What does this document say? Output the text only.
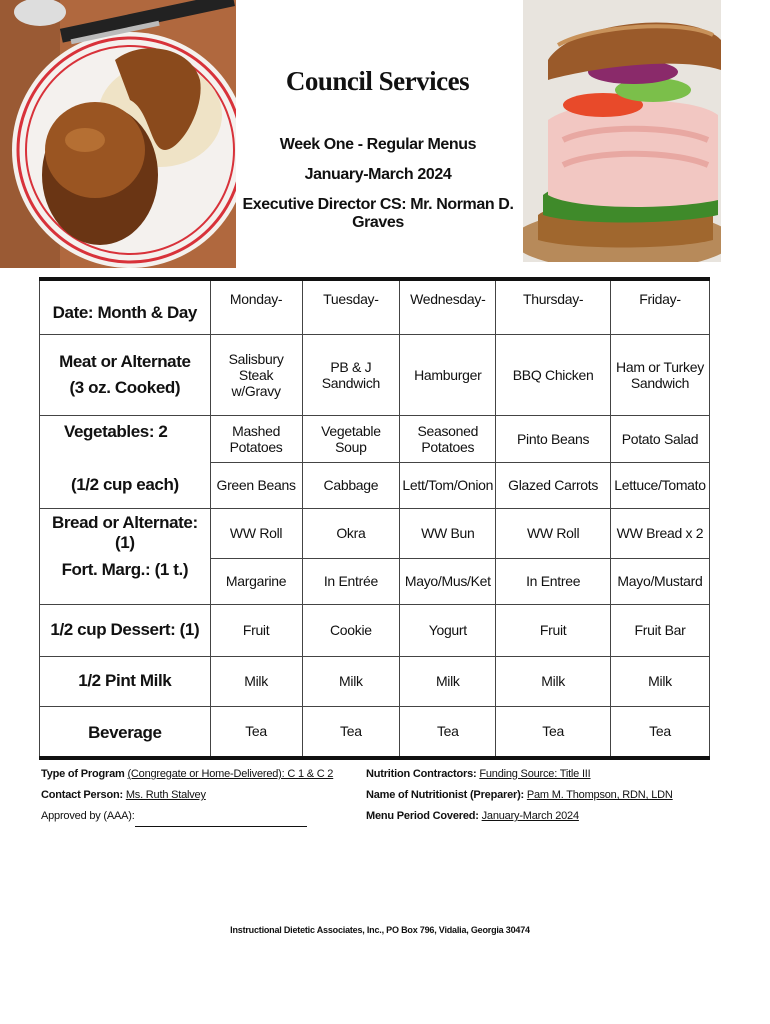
Council Services
Week One - Regular Menus
January-March 2024
Executive Director CS: Mr. Norman D. Graves
Date: Month & Day	Monday-	Tuesday-	Wednesday-	Thursday-	Friday-

Meat or Alternate
(3 oz. Cooked)	Salisbury Steak w/Gravy	PB & J Sandwich	Hamburger	BBQ Chicken	Ham or Turkey Sandwich
Vegetables: 2	Mashed Potatoes	Vegetable Soup	Seasoned Potatoes	Pinto Beans	Potato Salad
(1/2 cup each)	Green Beans	Cabbage	Lett/Tom/Onion	Glazed Carrots	Lettuce/Tomato
Bread or Alternate: (1)	WW Roll	Okra	WW Bun	WW Roll	WW Bread x 2
Fort. Marg.: (1 t.)	Margarine	In Entrée	Mayo/Mus/Ket	In Entree	Mayo/Mustard
1/2 cup Dessert: (1)	Fruit	Cookie	Yogurt	Fruit	Fruit Bar
1/2 Pint Milk	Milk	Milk	Milk	Milk	Milk
Beverage	Tea	Tea	Tea	Tea	Tea
Type of Program (Congregate or Home-Delivered): C 1 & C 2
Contact Person: Ms. Ruth Stalvey
Approved by (AAA):
Nutrition Contractors: Funding Source: Title III
Name of Nutritionist (Preparer): Pam M. Thompson, RDN, LDN
Menu Period Covered: January-March 2024
Instructional Dietetic Associates, Inc., PO Box 796, Vidalia, Georgia 30474
